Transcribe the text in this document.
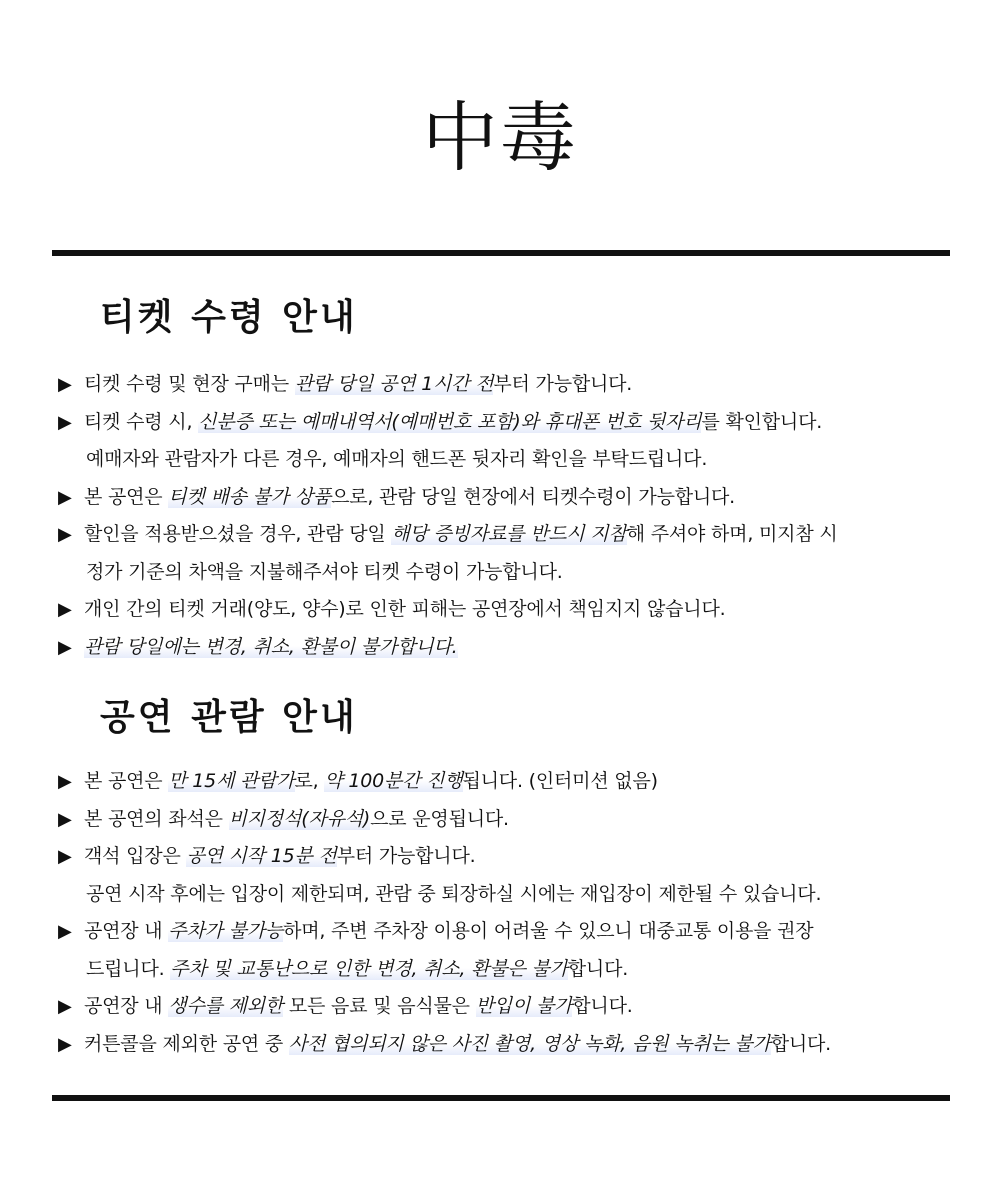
中毒
티켓 수령 안내
▶ 티켓 수령 및 현장 구매는 관람 당일 공연 1시간 전부터 가능합니다.
▶ 티켓 수령 시, 신분증 또는 예매내역서(예매번호 포함)와 휴대폰 번호 뒷자리를 확인합니다.
예매자와 관람자가 다른 경우, 예매자의 핸드폰 뒷자리 확인을 부탁드립니다.
▶ 본 공연은 티켓 배송 불가 상품으로, 관람 당일 현장에서 티켓수령이 가능합니다.
▶ 할인을 적용받으셨을 경우, 관람 당일 해당 증빙자료를 반드시 지참해 주셔야 하며, 미지참 시
정가 기준의 차액을 지불해주셔야 티켓 수령이 가능합니다.
▶ 개인 간의 티켓 거래(양도, 양수)로 인한 피해는 공연장에서 책임지지 않습니다.
▶ 관람 당일에는 변경, 취소, 환불이 불가합니다.
공연 관람 안내
▶ 본 공연은 만 15세 관람가로, 약 100분간 진행됩니다. (인터미션 없음)
▶ 본 공연의 좌석은 비지정석(자유석)으로 운영됩니다.
▶ 객석 입장은 공연 시작 15분 전부터 가능합니다.
공연 시작 후에는 입장이 제한되며, 관람 중 퇴장하실 시에는 재입장이 제한될 수 있습니다.
▶ 공연장 내 주차가 불가능하며, 주변 주차장 이용이 어려울 수 있으니 대중교통 이용을 권장
드립니다. 주차 및 교통난으로 인한 변경, 취소, 환불은 불가합니다.
▶ 공연장 내 생수를 제외한 모든 음료 및 음식물은 반입이 불가합니다.
▶ 커튼콜을 제외한 공연 중 사전 협의되지 않은 사진 촬영, 영상 녹화, 음원 녹취는 불가합니다.
